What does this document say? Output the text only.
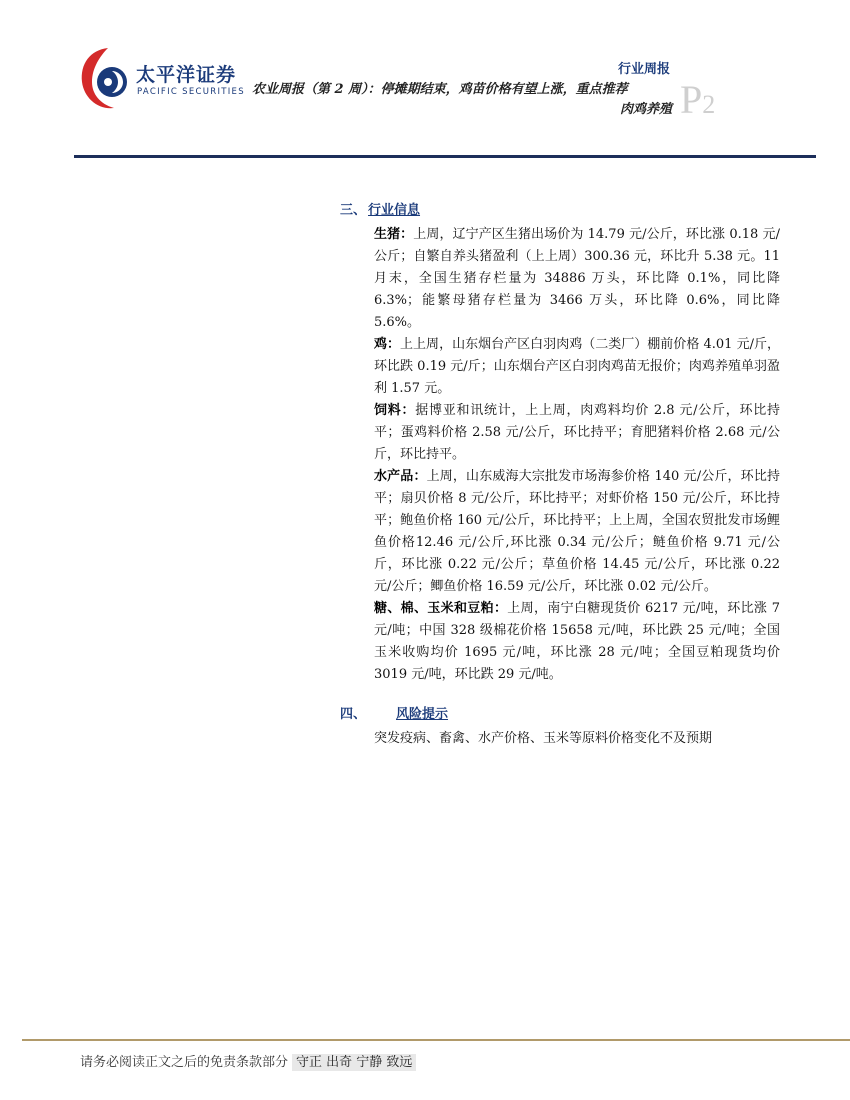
太平洋证券
PACIFIC SECURITIES
行业周报
农业周报（第 2 周）：停摊期结束，鸡苗价格有望上涨，重点推荐
肉鸡养殖 P2
三、 行业信息

生猪：上周，辽宁产区生猪出场价为 14.79 元/公斤，环比涨 0.18 元/公斤；自繁自养头猪盈利（上上周）300.36 元，环比升 5.38 元。11 月末，全国生猪存栏量为 34886 万头，环比降 0.1%，同比降 6.3%；能繁母猪存栏量为 3466 万头，环比降 0.6%，同比降 5.6%。

鸡：上上周，山东烟台产区白羽肉鸡（二类厂）棚前价格 4.01 元/斤，环比跌 0.19 元/斤；山东烟台产区白羽肉鸡苗无报价；肉鸡养殖单羽盈利 1.57 元。

饲料：据博亚和讯统计，上上周，肉鸡料均价 2.8 元/公斤，环比持平；蛋鸡料价格 2.58 元/公斤，环比持平；育肥猪料价格 2.68 元/公斤，环比持平。

水产品：上周，山东威海大宗批发市场海参价格 140 元/公斤，环比持平；扇贝价格 8 元/公斤，环比持平；对虾价格 150 元/公斤，环比持平；鲍鱼价格 160 元/公斤，环比持平；上上周，全国农贸批发市场鲤鱼价格12.46 元/公斤,环比涨 0.34 元/公斤；鲢鱼价格 9.71 元/公斤，环比涨 0.22 元/公斤；草鱼价格 14.45 元/公斤，环比涨 0.22 元/公斤；鲫鱼价格 16.59 元/公斤，环比涨 0.02 元/公斤。

糖、棉、玉米和豆粕：上周，南宁白糖现货价 6217 元/吨，环比涨 7 元/吨；中国 328 级棉花价格 15658 元/吨，环比跌 25 元/吨；全国玉米收购均价 1695 元/吨，环比涨 28 元/吨；全国豆粕现货均价 3019 元/吨，环比跌 29 元/吨。

四、 风险提示

突发疫病、畜禽、水产价格、玉米等原料价格变化不及预期

请务必阅读正文之后的免责条款部分 守正 出奇 宁静 致远
